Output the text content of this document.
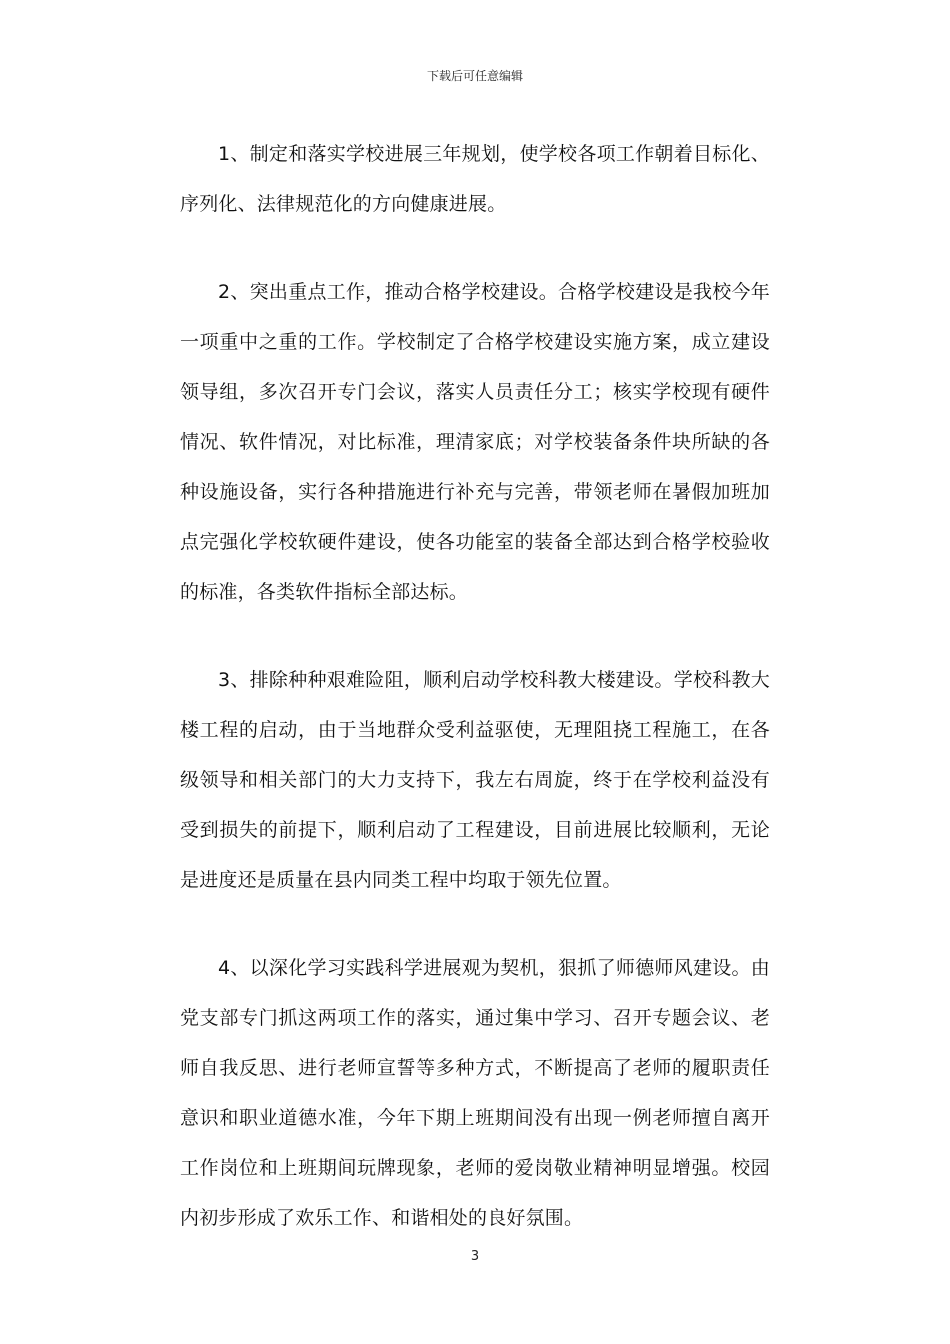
下载后可任意编辑

1、制定和落实学校进展三年规划，使学校各项工作朝着目标化、序列化、法律规范化的方向健康进展。

2、突出重点工作，推动合格学校建设。合格学校建设是我校今年一项重中之重的工作。学校制定了合格学校建设实施方案，成立建设领导组，多次召开专门会议，落实人员责任分工；核实学校现有硬件情况、软件情况，对比标准，理清家底；对学校装备条件块所缺的各种设施设备，实行各种措施进行补充与完善，带领老师在暑假加班加点完强化学校软硬件建设，使各功能室的装备全部达到合格学校验收的标准，各类软件指标全部达标。

3、排除种种艰难险阻，顺利启动学校科教大楼建设。学校科教大楼工程的启动，由于当地群众受利益驱使，无理阻挠工程施工，在各级领导和相关部门的大力支持下，我左右周旋，终于在学校利益没有受到损失的前提下，顺利启动了工程建设，目前进展比较顺利，无论是进度还是质量在县内同类工程中均取于领先位置。

4、以深化学习实践科学进展观为契机，狠抓了师德师风建设。由党支部专门抓这两项工作的落实，通过集中学习、召开专题会议、老师自我反思、进行老师宣誓等多种方式，不断提高了老师的履职责任意识和职业道德水准，今年下期上班期间没有出现一例老师擅自离开工作岗位和上班期间玩牌现象，老师的爱岗敬业精神明显增强。校园内初步形成了欢乐工作、和谐相处的良好氛围。

3
